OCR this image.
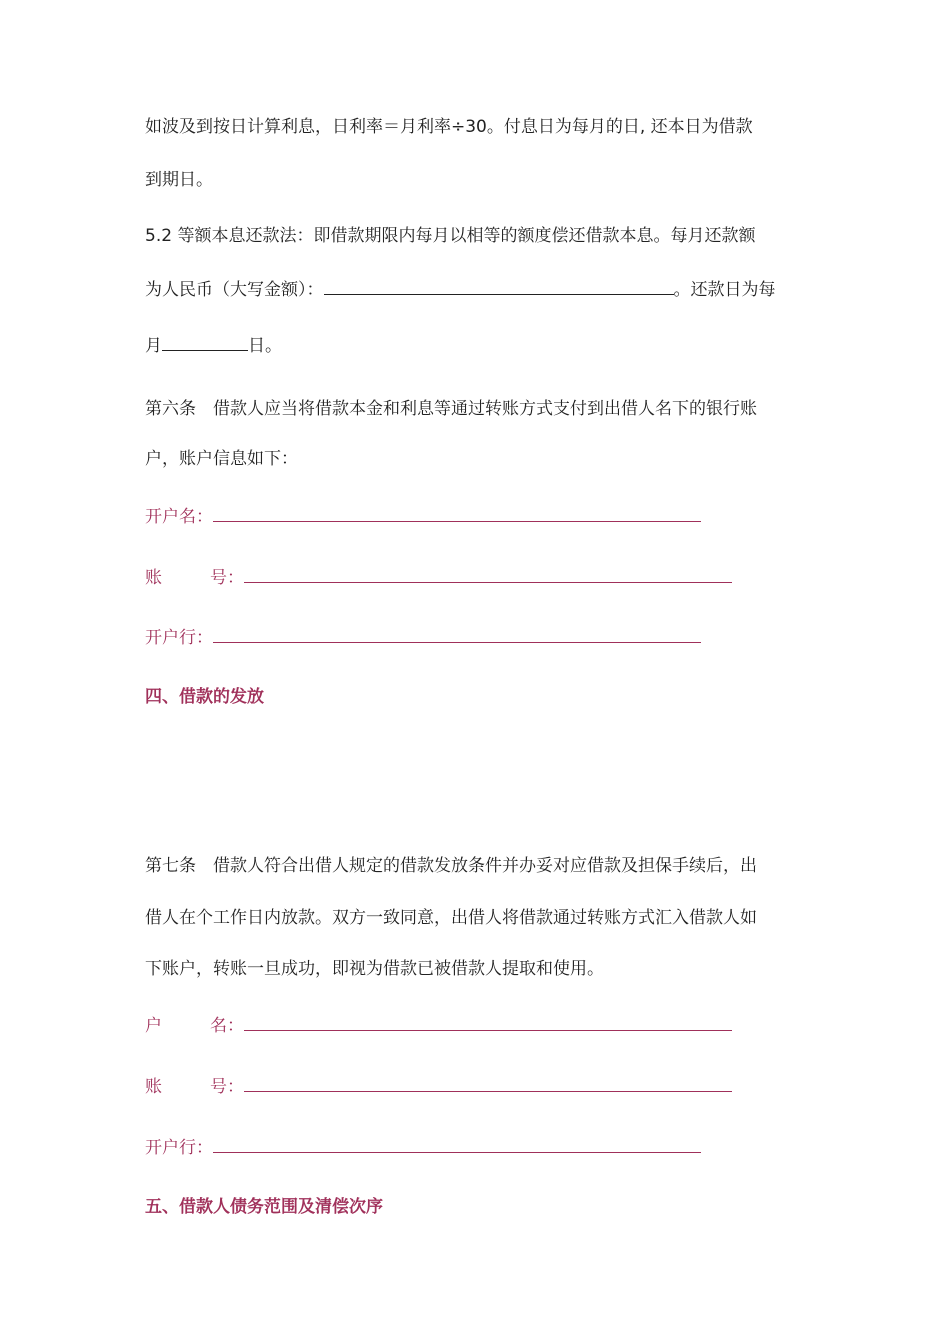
如波及到按日计算利息，日利率＝月利率÷30。付息日为每月的日, 还本日为借款
到期日。
5.2 等额本息还款法：即借款期限内每月以相等的额度偿还借款本息。每月还款额
为人民币（大写金额）：	。还款日为每
月	日。
第六条　借款人应当将借款本金和利息等通过转账方式支付到出借人名下的银行账
户，账户信息如下：
开户名：
账	号：
开户行：
四、借款的发放
第七条　借款人符合出借人规定的借款发放条件并办妥对应借款及担保手续后，出
借人在个工作日内放款。双方一致同意，出借人将借款通过转账方式汇入借款人如
下账户，转账一旦成功，即视为借款已被借款人提取和使用。
户	名：
账	号：
开户行：
五、借款人债务范围及清偿次序
